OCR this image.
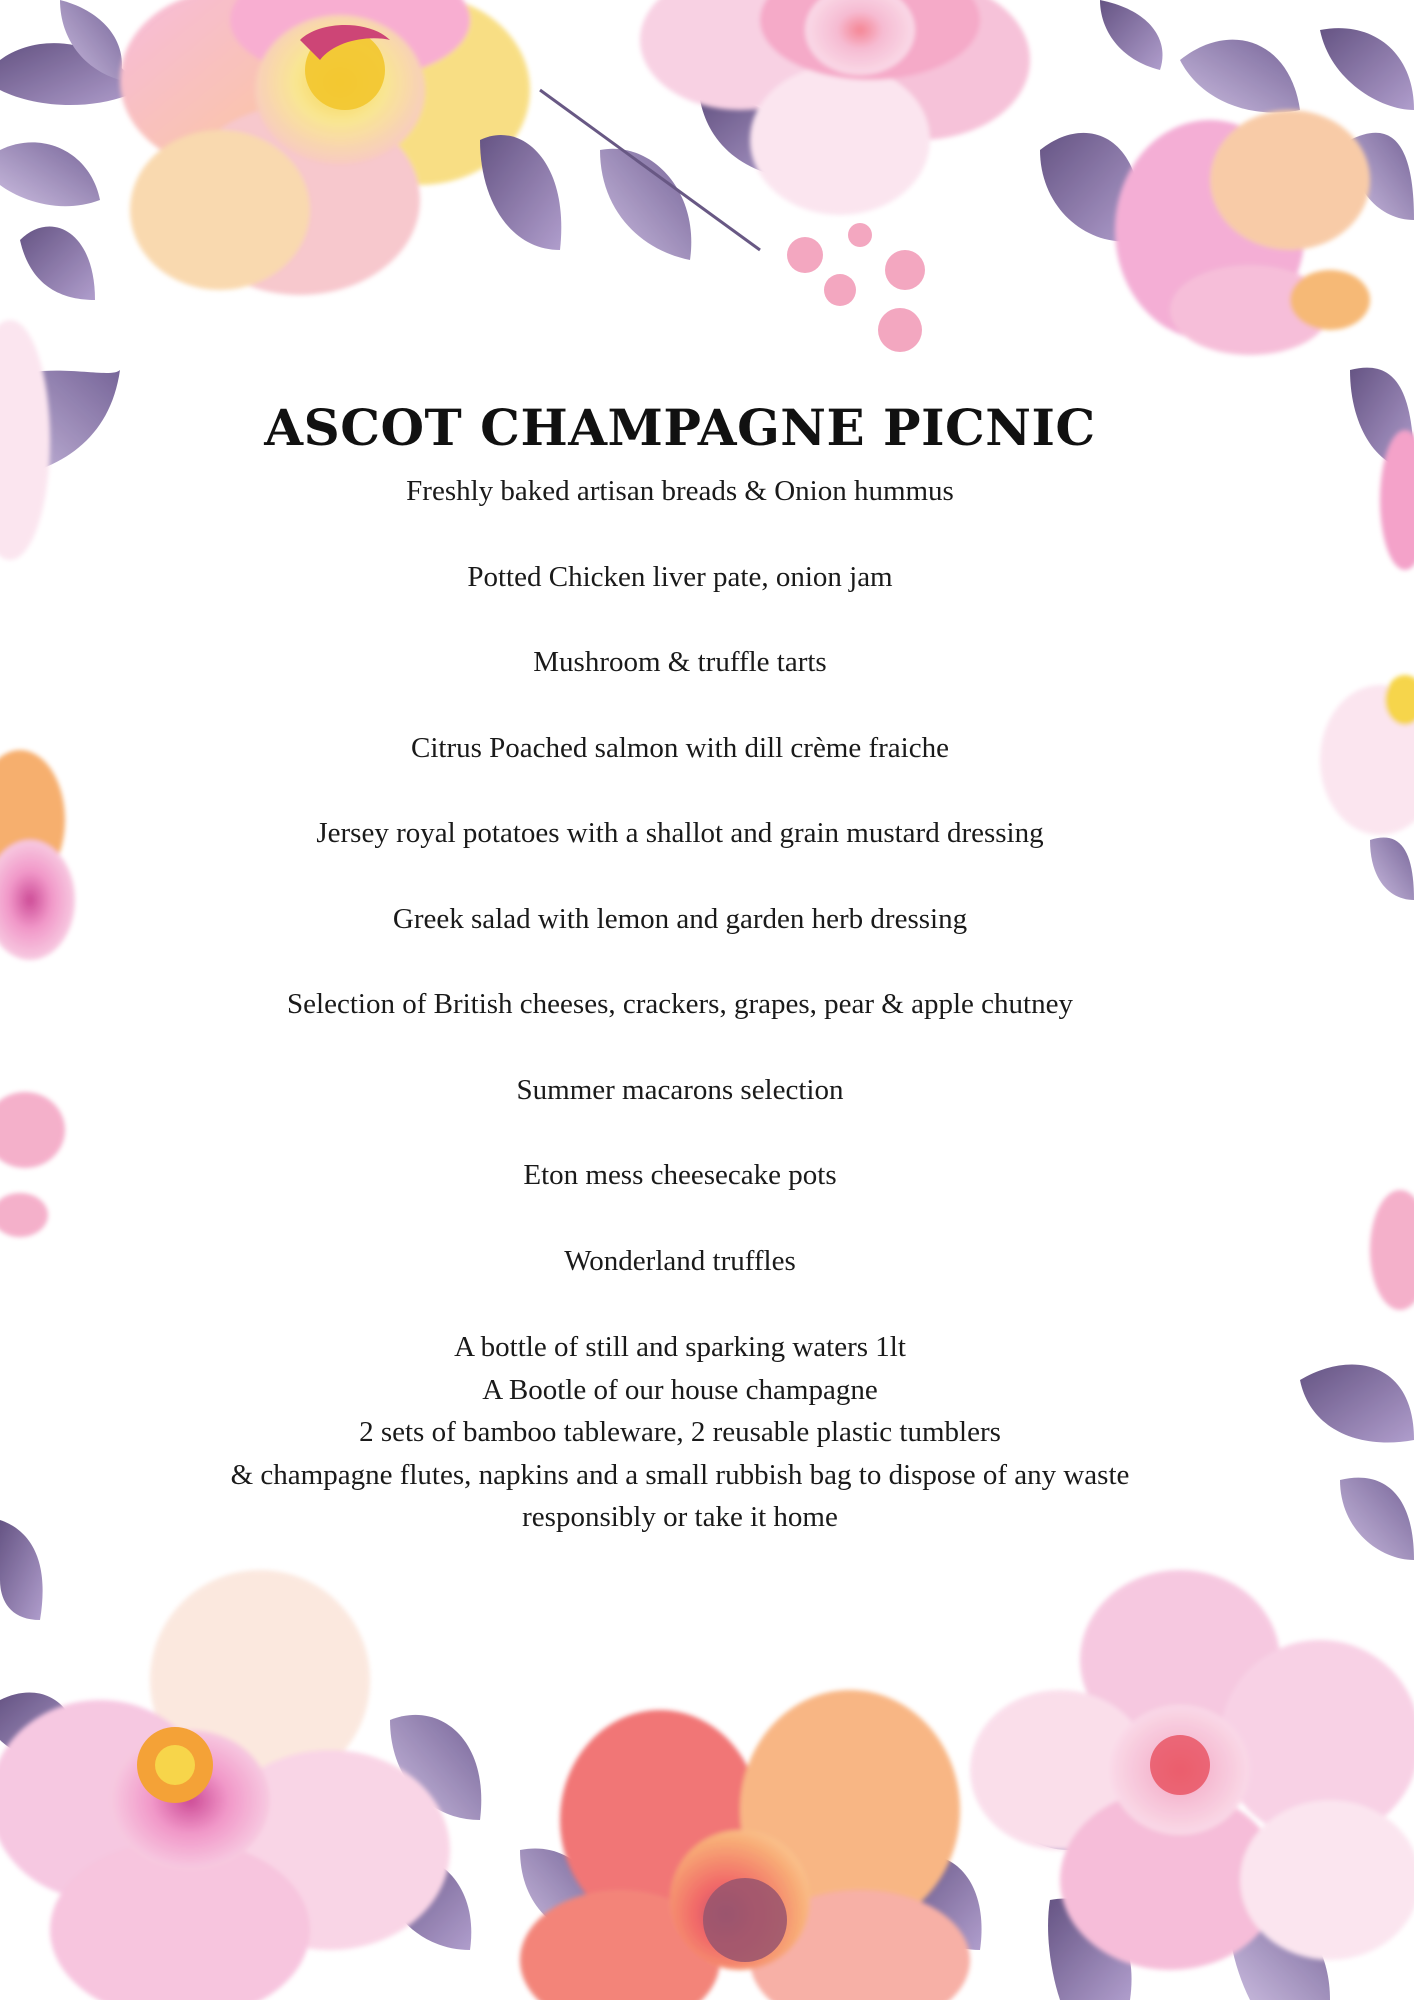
ASCOT CHAMPAGNE PICNIC
Freshly baked artisan breads & Onion hummus
Potted Chicken liver pate, onion jam
Mushroom & truffle tarts
Citrus Poached salmon with dill crème fraiche
Jersey royal potatoes with a shallot and grain mustard dressing
Greek salad with lemon and garden herb dressing
Selection of British cheeses, crackers, grapes, pear & apple chutney
Summer macarons selection
Eton mess cheesecake pots
Wonderland truffles
A bottle of still and sparking waters 1lt
A Bootle of our house champagne
2 sets of bamboo tableware, 2 reusable plastic tumblers
& champagne flutes, napkins and a small rubbish bag to dispose of any waste
responsibly or take it home
